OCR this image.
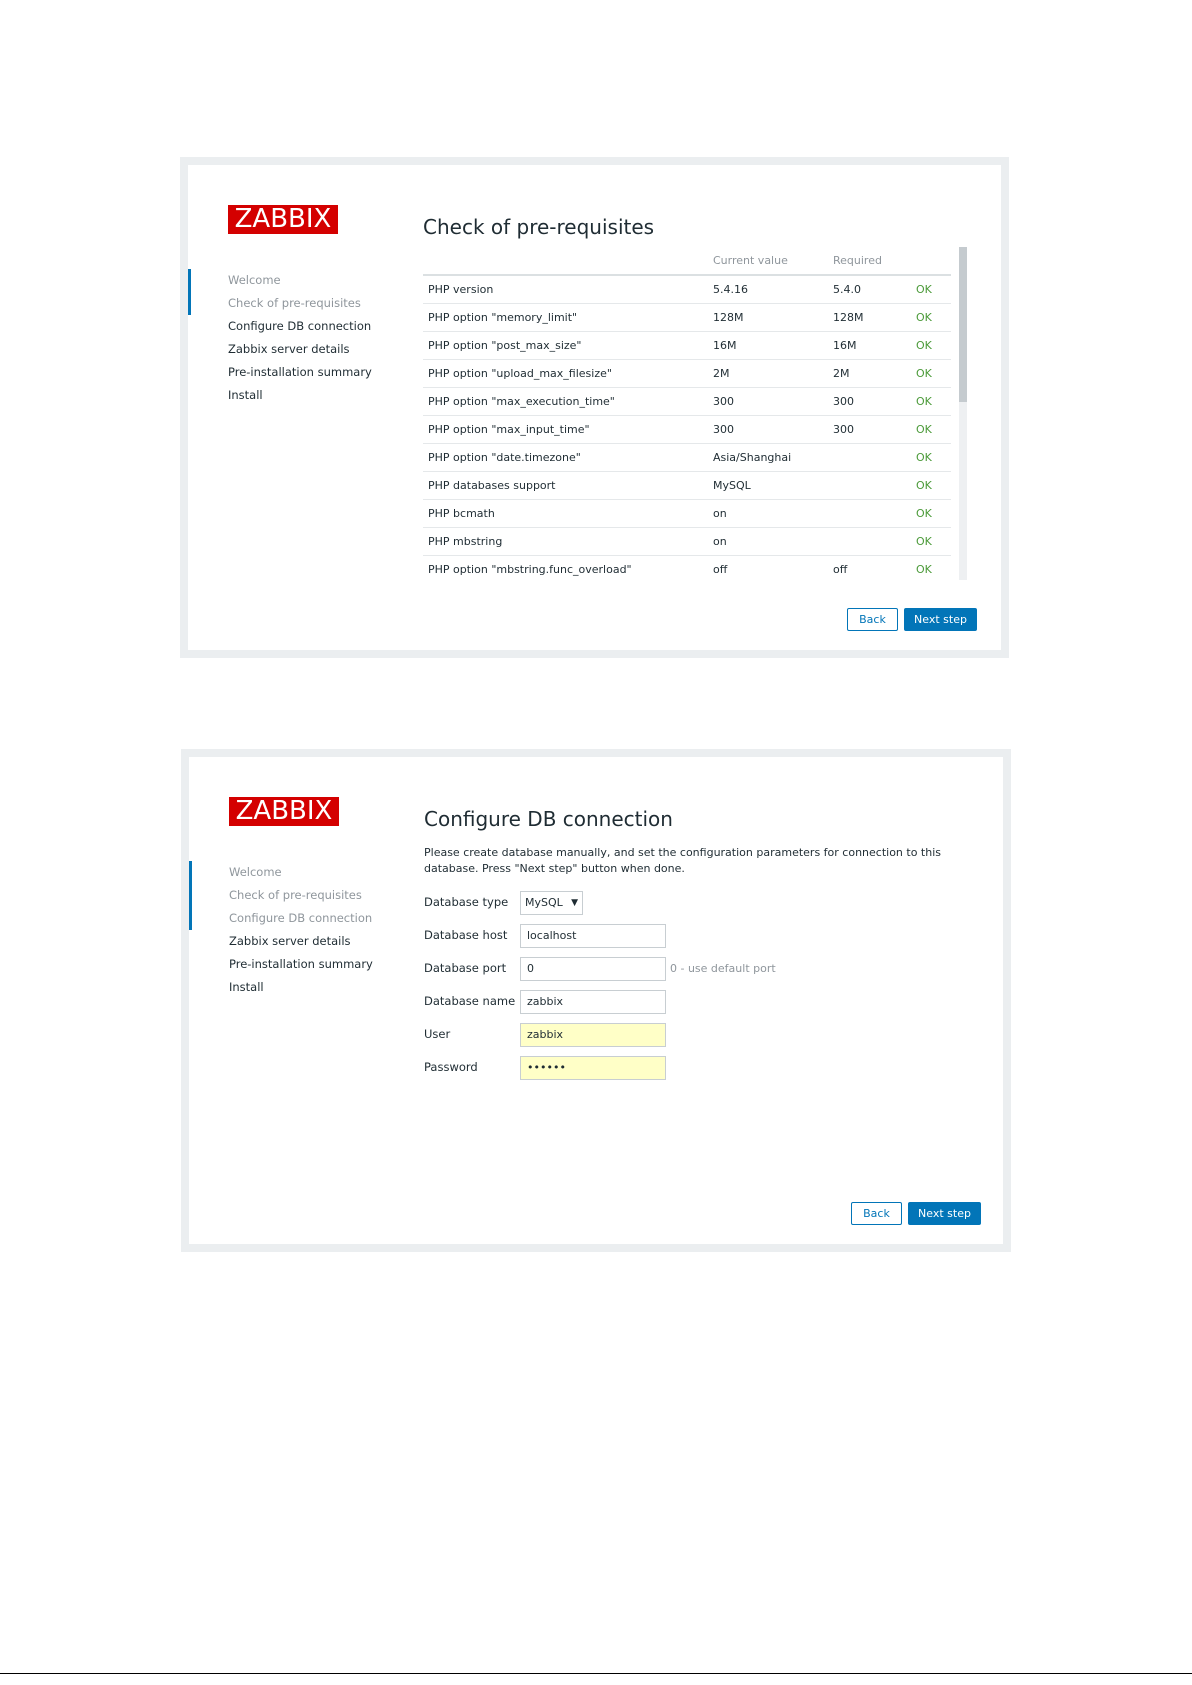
ZABBIX
Welcome
Check of pre-requisites
Configure DB connection
Zabbix server details
Pre-installation summary
Install
Check of pre-requisites
	Current value	Required	
PHP version	5.4.16	5.4.0	OK
PHP option "memory_limit"	128M	128M	OK
PHP option "post_max_size"	16M	16M	OK
PHP option "upload_max_filesize"	2M	2M	OK
PHP option "max_execution_time"	300	300	OK
PHP option "max_input_time"	300	300	OK
PHP option "date.timezone"	Asia/Shanghai		OK
PHP databases support	MySQL		OK
PHP bcmath	on		OK
PHP mbstring	on		OK
PHP option "mbstring.func_overload"	off	off	OK
Back	Next step
ZABBIX
Welcome
Check of pre-requisites
Configure DB connection
Zabbix server details
Pre-installation summary
Install
Configure DB connection

Please create database manually, and set the configuration parameters for connection to this database. Press "Next step" button when done.

Database type	MySQL ▼
Database host	localhost
Database port	0	0 - use default port
Database name	zabbix
User	zabbix
Password	••••••
Back	Next step
